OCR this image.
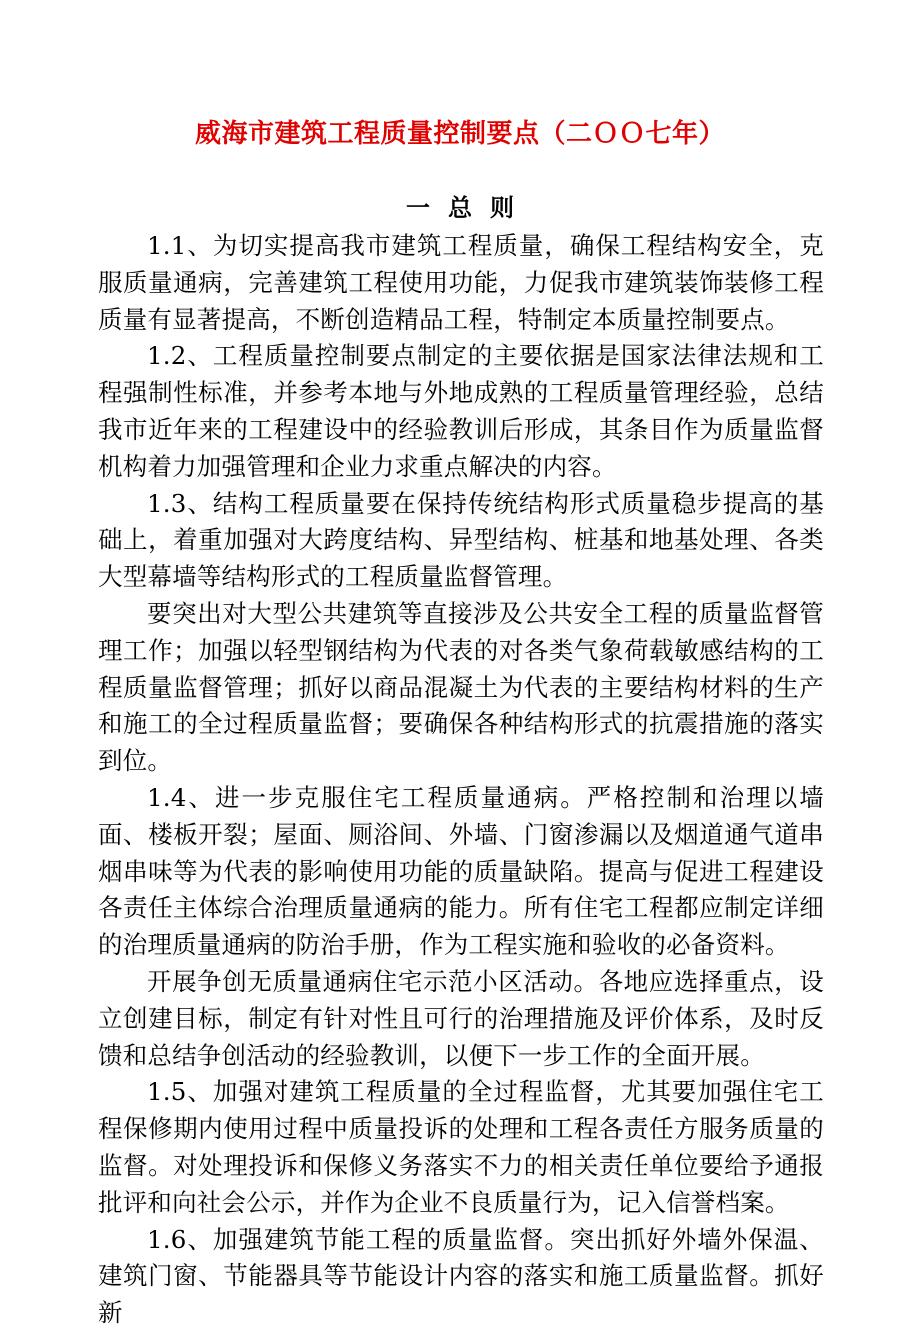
威海市建筑工程质量控制要点（二ＯＯ七年）
一总则

1.1、为切实提高我市建筑工程质量，确保工程结构安全，克服质量通病，完善建筑工程使用功能，力促我市建筑装饰装修工程质量有显著提高，不断创造精品工程，特制定本质量控制要点。

1.2、工程质量控制要点制定的主要依据是国家法律法规和工程强制性标准，并参考本地与外地成熟的工程质量管理经验，总结我市近年来的工程建设中的经验教训后形成，其条目作为质量监督机构着力加强管理和企业力求重点解决的内容。

1.3、结构工程质量要在保持传统结构形式质量稳步提高的基础上，着重加强对大跨度结构、异型结构、桩基和地基处理、各类大型幕墙等结构形式的工程质量监督管理。

要突出对大型公共建筑等直接涉及公共安全工程的质量监督管理工作；加强以轻型钢结构为代表的对各类气象荷载敏感结构的工程质量监督管理；抓好以商品混凝土为代表的主要结构材料的生产和施工的全过程质量监督；要确保各种结构形式的抗震措施的落实到位。

1.4、进一步克服住宅工程质量通病。严格控制和治理以墙面、楼板开裂；屋面、厕浴间、外墙、门窗渗漏以及烟道通气道串烟串味等为代表的影响使用功能的质量缺陷。提高与促进工程建设各责任主体综合治理质量通病的能力。所有住宅工程都应制定详细的治理质量通病的防治手册，作为工程实施和验收的必备资料。

开展争创无质量通病住宅示范小区活动。各地应选择重点，设立创建目标，制定有针对性且可行的治理措施及评价体系，及时反馈和总结争创活动的经验教训，以便下一步工作的全面开展。

1.5、加强对建筑工程质量的全过程监督，尤其要加强住宅工程保修期内使用过程中质量投诉的处理和工程各责任方服务质量的监督。对处理投诉和保修义务落实不力的相关责任单位要给予通报批评和向社会公示，并作为企业不良质量行为，记入信誉档案。

1.6、加强建筑节能工程的质量监督。突出抓好外墙外保温、建筑门窗、节能器具等节能设计内容的落实和施工质量监督。抓好新
